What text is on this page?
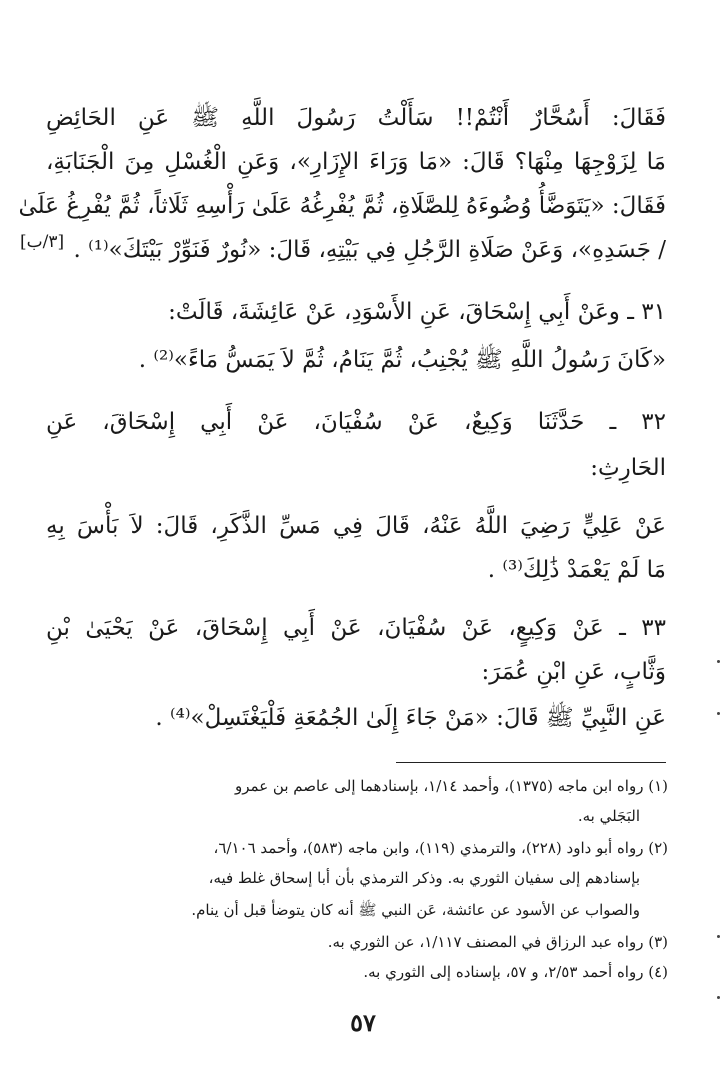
فَقَالَ: أَسُحَّارٌ أَنْتُمْ!! سَأَلْتُ رَسُولَ اللَّهِ ﷺ عَنِ الحَائِضِ
مَا لِزَوْجِهَا مِنْهَا؟ قَالَ: «مَا وَرَاءَ الإِزَارِ»، وَعَنِ الْغُسْلِ مِنَ الْجَنَابَةِ،
فَقَالَ: «يَتَوَضَّأُ وُضُوءَهُ لِلصَّلَاةِ، ثُمَّ يُفْرِغُهُ عَلَىٰ رَأْسِهِ ثَلَاثاً، ثُمَّ يُفْرِغُ عَلَىٰ
/ جَسَدِهِ»، وَعَنْ صَلَاةِ الرَّجُلِ فِي بَيْتِهِ، قَالَ: «نُورٌ فَنَوِّرْ بَيْتَكَ»⁽¹⁾ .
[٣/ب]
٣١ ـ وعَنْ أَبِي إِسْحَاقَ، عَنِ الأَسْوَدِ، عَنْ عَائِشَةَ، قَالَتْ:
«كَانَ رَسُولُ اللَّهِ ﷺ يُجْنِبُ، ثُمَّ يَنَامُ، ثُمَّ لاَ يَمَسُّ مَاءً»⁽²⁾ .
٣٢ ـ حَدَّثَنَا وَكِيعٌ، عَنْ سُفْيَانَ، عَنْ أَبِي إِسْحَاقَ، عَنِ
الحَارِثِ:
عَنْ عَلِيٍّ رَضِيَ اللَّهُ عَنْهُ، قَالَ فِي مَسِّ الذَّكَرِ، قَالَ: لاَ بَأْسَ بِهِ
مَا لَمْ يَعْمَدْ ذَٰلِكَ⁽³⁾ .
٣٣ ـ عَنْ وَكِيعٍ، عَنْ سُفْيَانَ، عَنْ أَبِي إِسْحَاقَ، عَنْ يَحْيَىٰ بْنِ
وَثَّابٍ، عَنِ ابْنِ عُمَرَ:
عَنِ النَّبِيِّ ﷺ قَالَ: «مَنْ جَاءَ إِلَىٰ الجُمُعَةِ فَلْيَغْتَسِلْ»⁽⁴⁾ .
(١) رواه ابن ماجه (١٣٧٥)، وأحمد ١/١٤، بإسنادهما إلى عاصم بن عمرو
البَجَلي به.
(٢) رواه أبو داود (٢٢٨)، والترمذي (١١٩)، وابن ماجه (٥٨٣)، وأحمد ٦/١٠٦،
بإسنادهم إلى سفيان الثوري به. وذكر الترمذي بأن أبا إسحاق غلط فيه،
والصواب عن الأسود عن عائشة، عَن النبي ﷺ أنه كان يتوضأ قبل أن ينام.
(٣) رواه عبد الرزاق في المصنف ١/١١٧، عن الثوري به.
(٤) رواه أحمد ٢/٥٣، و ٥٧، بإسناده إلى الثوري به.
٥٧
